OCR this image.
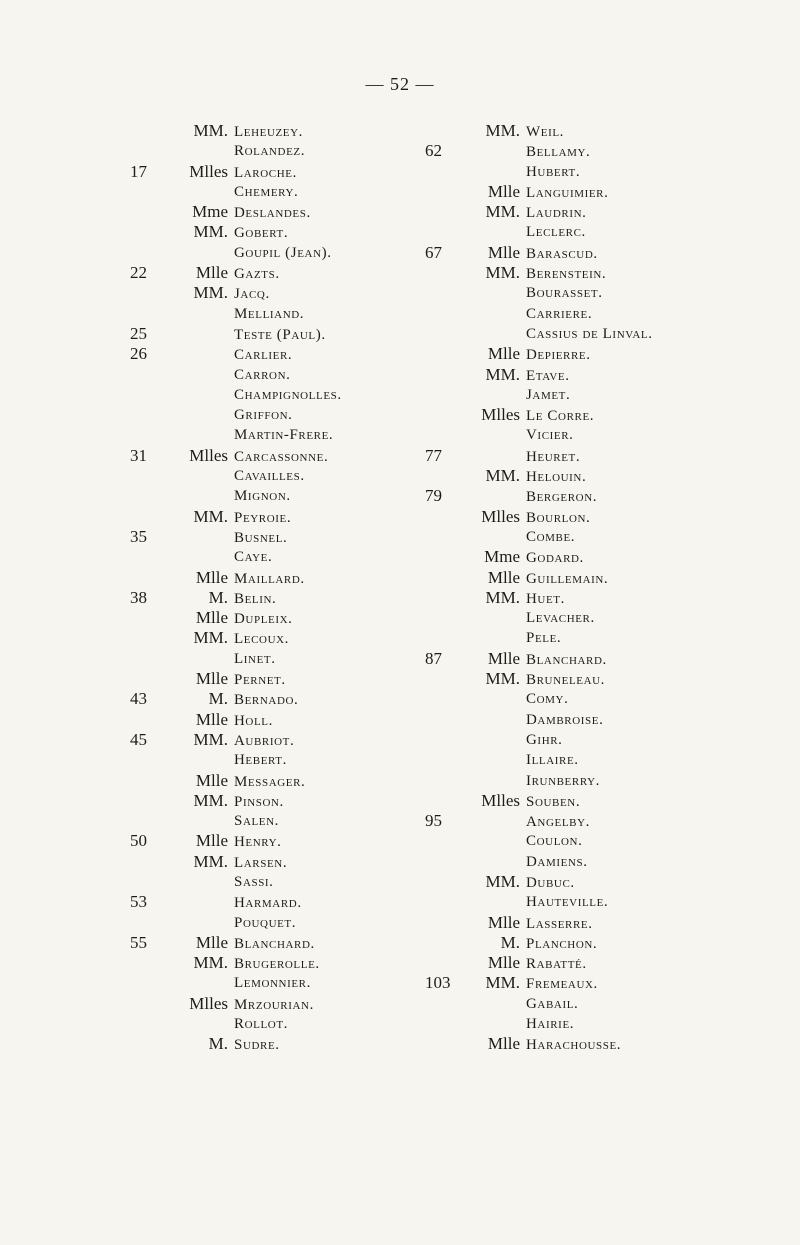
— 52 —
MM. Leheuzey.
Rolandez.
17	Mlles Laroche.
Chemery.
Mme Deslandes.
MM. Gobert.
Goupil (Jean).
22	Mlle Gazts.
MM. Jacq.
Melliand.
25	Teste (Paul).
26	Carlier.
Carron.
Champignolles.
Griffon.
Martin-Frere.
31	Mlles Carcassonne.
Cavailles.
Mignon.
MM. Peyroie.
35	Busnel.
Caye.
Mlle Maillard.
38	M. Belin.
Mlle Dupleix.
MM. Lecoux.
Linet.
Mlle Pernet.
43	M. Bernado.
Mlle Holl.
45	MM. Aubriot.
Hebert.
Mlle Messager.
MM. Pinson.
Salen.
50	Mlle Henry.
MM. Larsen.
Sassi.
53	Harmard.
Pouquet.
55	Mlle Blanchard.
MM. Brugerolle.
Lemonnier.
Mlles Mrzourian.
Rollot.
M. Sudre.
MM. Weil.
62	Bellamy.
Hubert.
Mlle Languimier.
MM. Laudrin.
Leclerc.
67	Mlle Barascud.
MM. Berenstein.
Bourasset.
Carriere.
Cassius de Linval.
Mlle Depierre.
MM. Etave.
Jamet.
Mlles Le Corre.
Vicier.
77	Heuret.
MM. Helouin.
79	Bergeron.
Mlles Bourlon.
Combe.
Mme Godard.
Mlle Guillemain.
MM. Huet.
Levacher.
Pele.
87	Mlle Blanchard.
MM. Bruneleau.
Comy.
Dambroise.
Gihr.
Illaire.
Irunberry.
Mlles Souben.
95	Angelby.
Coulon.
Damiens.
MM. Dubuc.
Hauteville.
Mlle Lasserre.
M. Planchon.
Mlle Rabatté.
103	MM. Fremeaux.
Gabail.
Hairie.
Mlle Harachousse.
